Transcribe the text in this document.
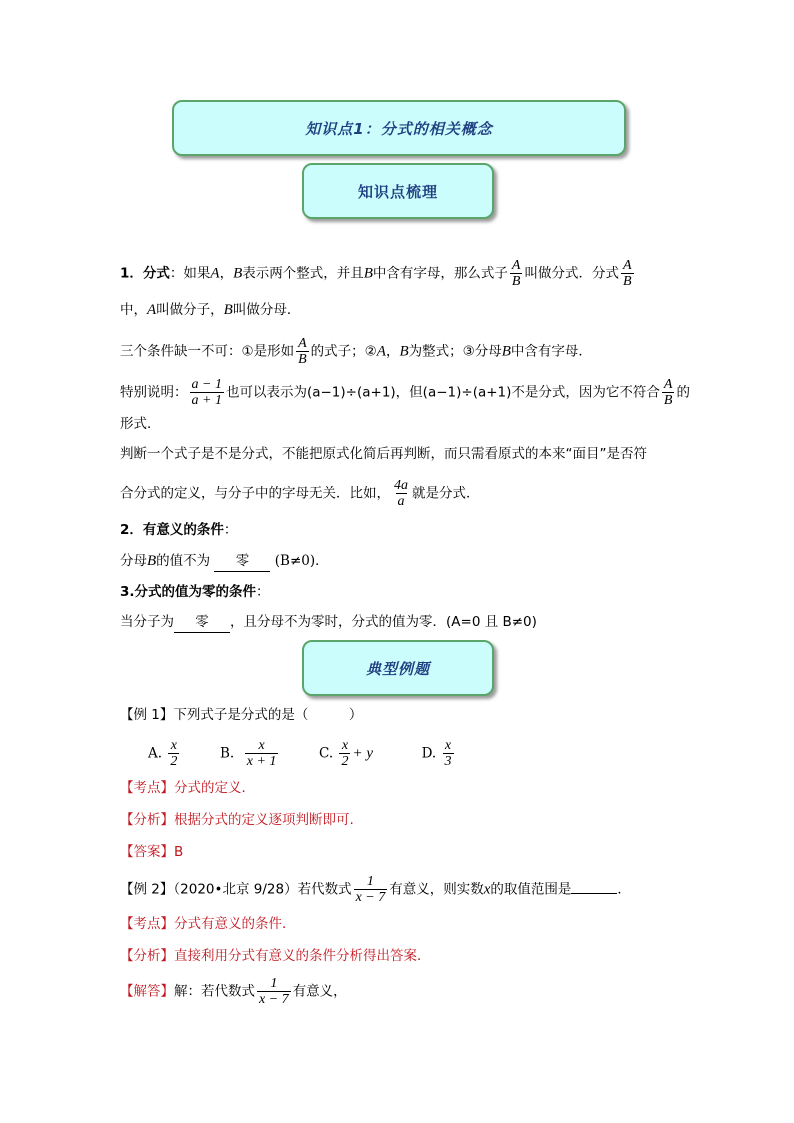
知识点1：分式的相关概念
知识点梳理
1．分式：如果A，B表示两个整式，并且B中含有字母，那么式子 $\frac{A}{B}$ 叫做分式．分式 $\frac{A}{B}$
中，A叫做分子，B叫做分母．
三个条件缺一不可：①是形如 $\frac{A}{B}$ 的式子；②A，B为整式；③分母B中含有字母．
特别说明： $\frac{a - 1}{a + 1}$ 也可以表示为(a−1)÷(a+1)，但(a−1)÷(a+1)不是分式，因为它不符合 $\frac{A}{B}$ 的
形式．
判断一个式子是不是分式，不能把原式化简后再判断，而只需看原式的本来“面目”是否符
合分式的定义，与分子中的字母无关．比如， $\frac{4a}{a}$ 就是分式．
2．有意义的条件：
分母B的值不为 零 (B≠0)．
3.分式的值为零的条件：
当分子为 零 ，且分母不为零时，分式的值为零．(A=0 且 B≠0)
典型例题
【例 1】下列式子是分式的是（　　　）
A. $\frac{x}{2}$	B. $\frac{x}{x + 1}$	C. $\frac{x}{2} + y$	D. $\frac{x}{3}$
【考点】分式的定义．
【分析】根据分式的定义逐项判断即可.
【答案】B
【例 2】（2020•北京 9/28）若代数式 $\frac{1}{x - 7}$ 有意义，则实数x的取值范围是	．
【考点】分式有意义的条件．
【分析】直接利用分式有意义的条件分析得出答案．
【解答】解：若代数式 $\frac{1}{x - 7}$ 有意义，
